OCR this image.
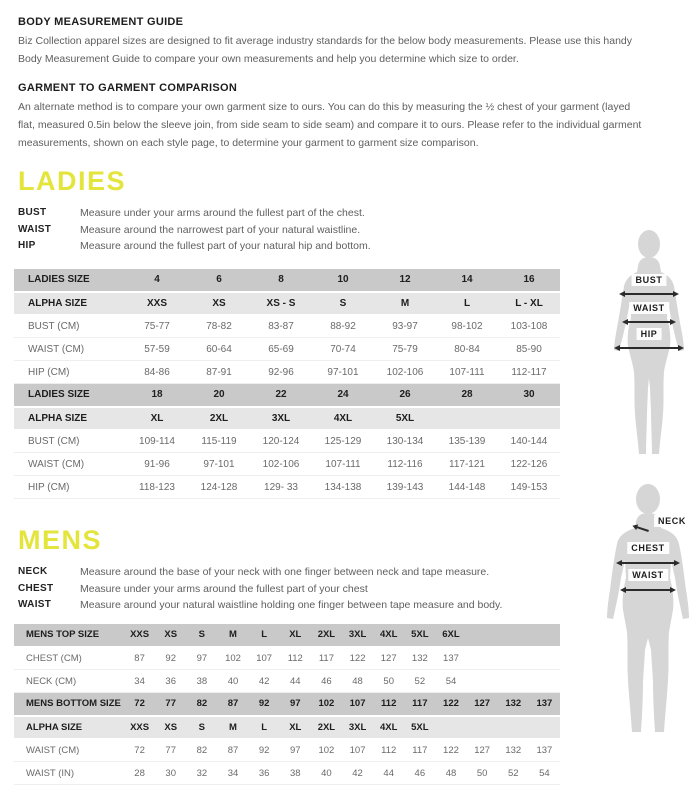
BODY MEASUREMENT GUIDE

Biz Collection apparel sizes are designed to fit average industry standards for the below body measurements. Please use this handy Body Measurement Guide to compare your own measurements and help you determine which size to order.

GARMENT TO GARMENT COMPARISON

An alternate method is to compare your own garment size to ours. You can do this by measuring the ½ chest of your garment (layed flat, measured 0.5in below the sleeve join, from side seam to side seam) and compare it to ours. Please refer to the individual garment measurements, shown on each style page, to determine your garment to garment size comparison.

LADIES
BUST	Measure under your arms around the fullest part of the chest.
WAIST	Measure around the narrowest part of your natural waistline.
HIP	Measure around the fullest part of your natural hip and bottom.
LADIES SIZE	4	6	8	10	12	14	16
ALPHA SIZE	XXS	XS	XS - S	S	M	L	L - XL
BUST (CM)	75-77	78-82	83-87	88-92	93-97	98-102	103-108
WAIST (CM)	57-59	60-64	65-69	70-74	75-79	80-84	85-90
HIP (CM)	84-86	87-91	92-96	97-101	102-106	107-111	112-117
LADIES SIZE	18	20	22	24	26	28	30
ALPHA SIZE	XL	2XL	3XL	4XL	5XL		
BUST (CM)	109-114	115-119	120-124	125-129	130-134	135-139	140-144
WAIST (CM)	91-96	97-101	102-106	107-111	112-116	117-121	122-126
HIP (CM)	118-123	124-128	129- 33	134-138	139-143	144-148	149-153
BUST
WAIST
HIP
MENS
NECK	Measure around the base of your neck with one finger between neck and tape measure.
CHEST	Measure under your arms around the fullest part of your chest
WAIST	Measure around your natural waistline holding one finger between tape measure and body.
MENS TOP SIZE	XXS	XS	S	M	L	XL	2XL	3XL	4XL	5XL	6XL			
CHEST (CM)	87	92	97	102	107	112	117	122	127	132	137			
NECK (CM)	34	36	38	40	42	44	46	48	50	52	54			
MENS BOTTOM SIZE	72	77	82	87	92	97	102	107	112	117	122	127	132	137
ALPHA SIZE	XXS	XS	S	M	L	XL	2XL	3XL	4XL	5XL				
WAIST (CM)	72	77	82	87	92	97	102	107	112	117	122	127	132	137
WAIST (IN)	28	30	32	34	36	38	40	42	44	46	48	50	52	54
NECK
CHEST
WAIST
